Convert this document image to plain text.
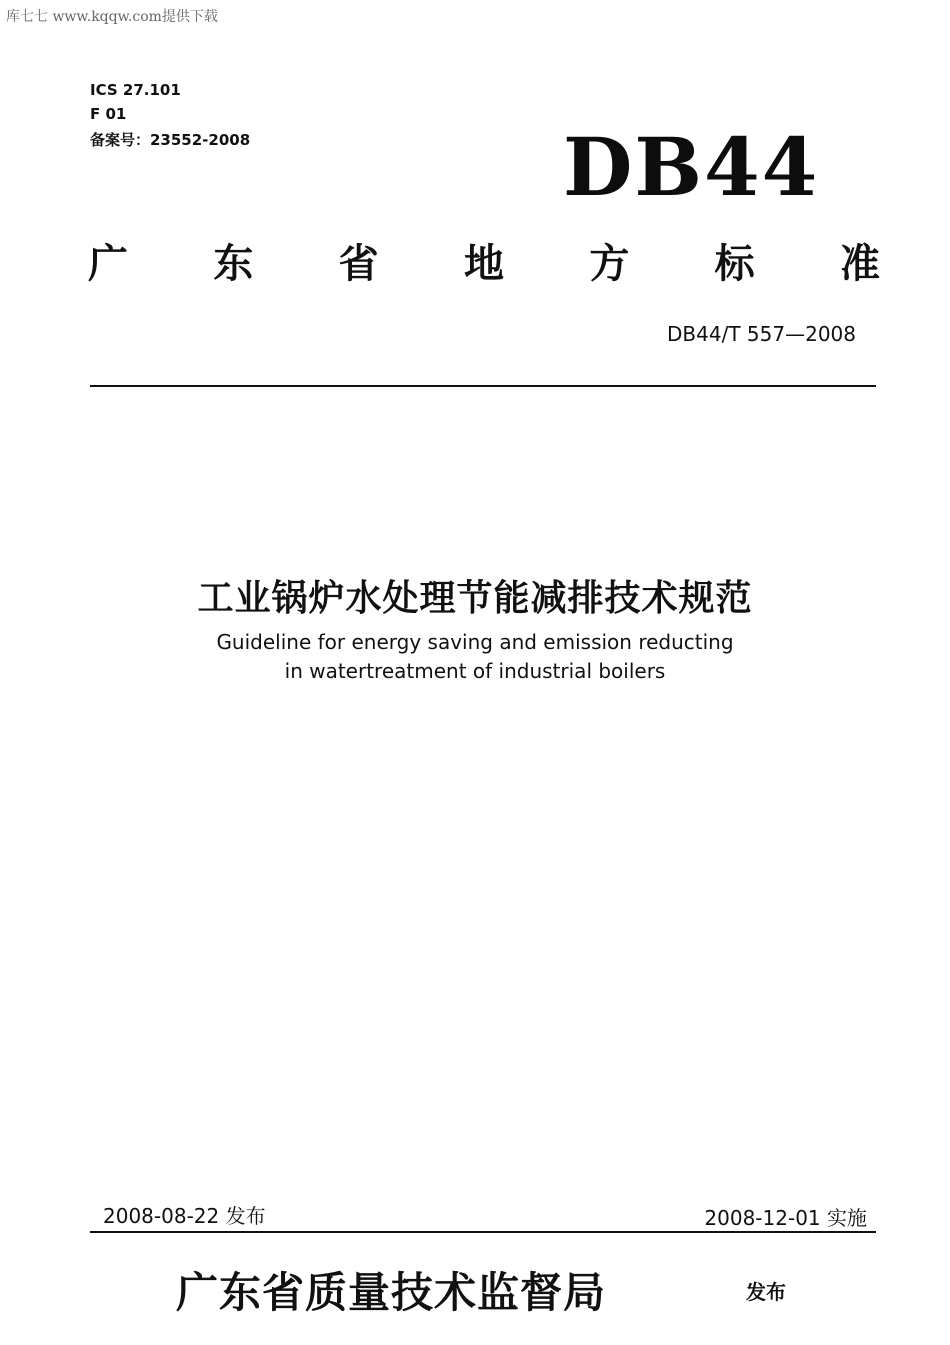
库七七 www.kqqw.com提供下载
ICS 27.101
F 01
备案号：23552-2008	DB44
广 东 省 地 方 标 准
DB44/T 557—2008
工业锅炉水处理节能减排技术规范
Guideline for energy saving and emission reducting
in watertreatment of industrial boilers
2008-08-22 发布	2008-12-01 实施
广东省质量技术监督局	发布
